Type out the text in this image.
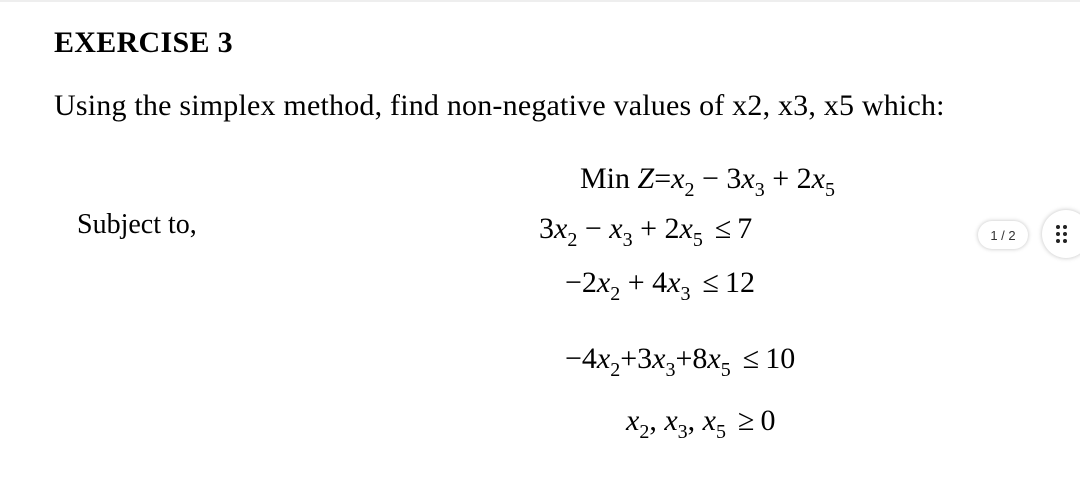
EXERCISE 3
Using the simplex method, find non-negative values of x2, x3, x5 which:
Subject to,
Min $Z=x_2 - 3x_3 + 2x_5$
$3x_2 - x_3 + 2x_5 \le 7$
$-2x_2 + 4x_3 \le 12$
$-4x_2+3x_3+8x_5 \le 10$
$x_2$, $x_3$, $x_5 \ge 0$
1 / 2
